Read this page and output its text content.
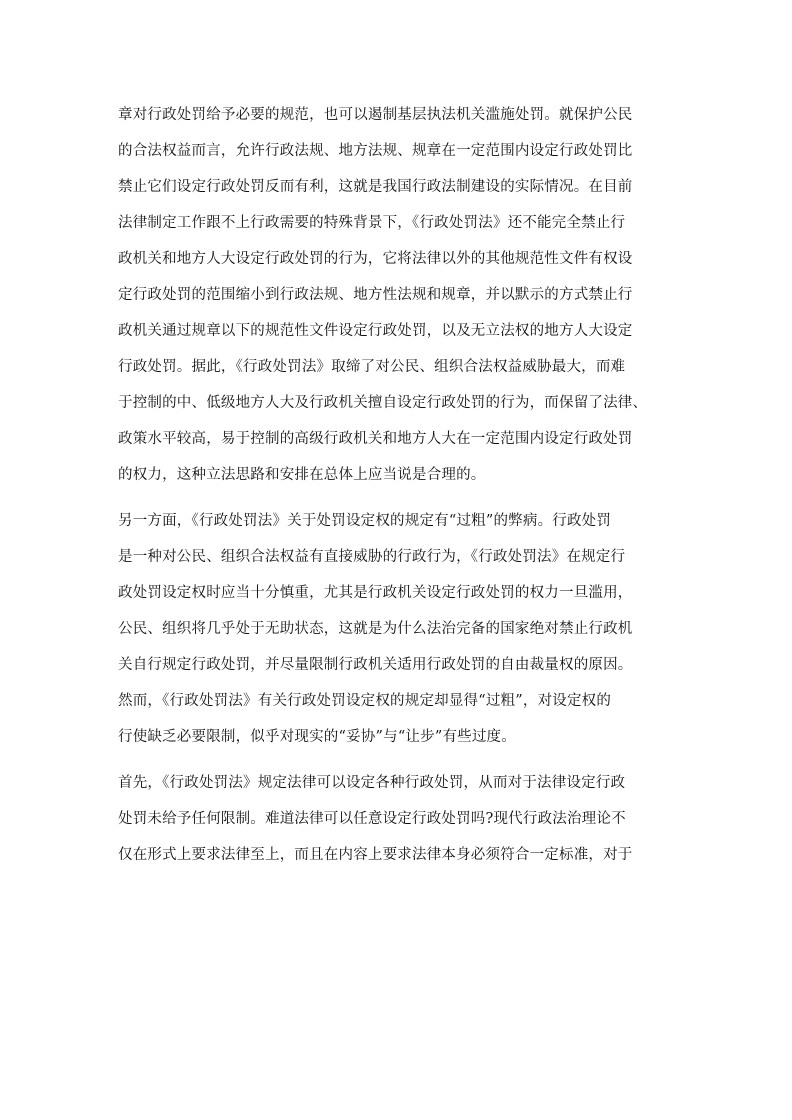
章对行政处罚给予必要的规范，也可以遏制基层执法机关滥施处罚。就保护公民
的合法权益而言，允许行政法规、地方法规、规章在一定范围内设定行政处罚比
禁止它们设定行政处罚反而有利，这就是我国行政法制建设的实际情况。在目前
法律制定工作跟不上行政需要的特殊背景下，《行政处罚法》还不能完全禁止行
政机关和地方人大设定行政处罚的行为，它将法律以外的其他规范性文件有权设
定行政处罚的范围缩小到行政法规、地方性法规和规章，并以默示的方式禁止行
政机关通过规章以下的规范性文件设定行政处罚，以及无立法权的地方人大设定
行政处罚。据此，《行政处罚法》取缔了对公民、组织合法权益威胁最大，而难
于控制的中、低级地方人大及行政机关擅自设定行政处罚的行为，而保留了法律、
政策水平较高，易于控制的高级行政机关和地方人大在一定范围内设定行政处罚
的权力，这种立法思路和安排在总体上应当说是合理的。
另一方面，《行政处罚法》关于处罚设定权的规定有“过粗”的弊病。行政处罚
是一种对公民、组织合法权益有直接威胁的行政行为，《行政处罚法》在规定行
政处罚设定权时应当十分慎重，尤其是行政机关设定行政处罚的权力一旦滥用，
公民、组织将几乎处于无助状态，这就是为什么法治完备的国家绝对禁止行政机
关自行规定行政处罚，并尽量限制行政机关适用行政处罚的自由裁量权的原因。
然而，《行政处罚法》有关行政处罚设定权的规定却显得“过粗”，对设定权的
行使缺乏必要限制，似乎对现实的“妥协”与“让步”有些过度。
首先，《行政处罚法》规定法律可以设定各种行政处罚，从而对于法律设定行政
处罚未给予任何限制。难道法律可以任意设定行政处罚吗?现代行政法治理论不
仅在形式上要求法律至上，而且在内容上要求法律本身必须符合一定标准，对于
